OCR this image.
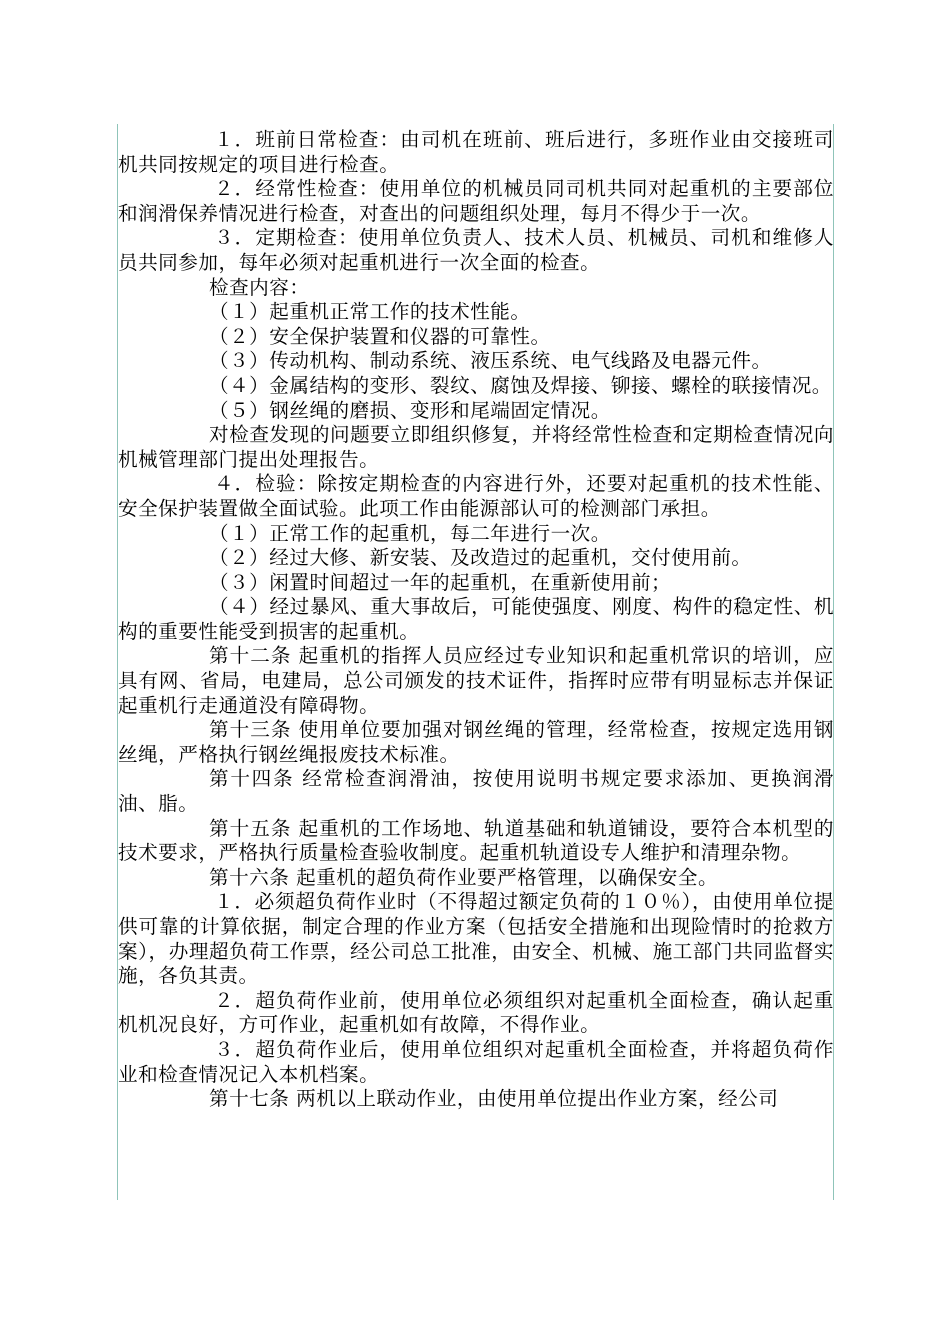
１．班前日常检查：由司机在班前、班后进行，多班作业由交接班司机共同按规定的项目进行检查。

２．经常性检查：使用单位的机械员同司机共同对起重机的主要部位和润滑保养情况进行检查，对查出的问题组织处理，每月不得少于一次。

３．定期检查：使用单位负责人、技术人员、机械员、司机和维修人员共同参加，每年必须对起重机进行一次全面的检查。

检查内容：

（１）起重机正常工作的技术性能。

（２）安全保护装置和仪器的可靠性。

（３）传动机构、制动系统、液压系统、电气线路及电器元件。

（４）金属结构的变形、裂纹、腐蚀及焊接、铆接、螺栓的联接情况。

（５）钢丝绳的磨损、变形和尾端固定情况。

对检查发现的问题要立即组织修复，并将经常性检查和定期检查情况向机械管理部门提出处理报告。

４．检验：除按定期检查的内容进行外，还要对起重机的技术性能、安全保护装置做全面试验。此项工作由能源部认可的检测部门承担。

（１）正常工作的起重机，每二年进行一次。

（２）经过大修、新安装、及改造过的起重机，交付使用前。

（３）闲置时间超过一年的起重机，在重新使用前；

（４）经过暴风、重大事故后，可能使强度、刚度、构件的稳定性、机构的重要性能受到损害的起重机。

第十二条 起重机的指挥人员应经过专业知识和起重机常识的培训，应具有网、省局，电建局，总公司颁发的技术证件，指挥时应带有明显标志并保证起重机行走通道没有障碍物。

第十三条 使用单位要加强对钢丝绳的管理，经常检查，按规定选用钢丝绳，严格执行钢丝绳报废技术标准。

第十四条 经常检查润滑油，按使用说明书规定要求添加、更换润滑油、脂。

第十五条 起重机的工作场地、轨道基础和轨道铺设，要符合本机型的技术要求，严格执行质量检查验收制度。起重机轨道设专人维护和清理杂物。

第十六条 起重机的超负荷作业要严格管理，以确保安全。

１．必须超负荷作业时（不得超过额定负荷的１０％），由使用单位提供可靠的计算依据，制定合理的作业方案（包括安全措施和出现险情时的抢救方案），办理超负荷工作票，经公司总工批准，由安全、机械、施工部门共同监督实施，各负其责。

２．超负荷作业前，使用单位必须组织对起重机全面检查，确认起重机机况良好，方可作业，起重机如有故障，不得作业。

３．超负荷作业后，使用单位组织对起重机全面检查，并将超负荷作业和检查情况记入本机档案。

第十七条 两机以上联动作业，由使用单位提出作业方案，经公司
